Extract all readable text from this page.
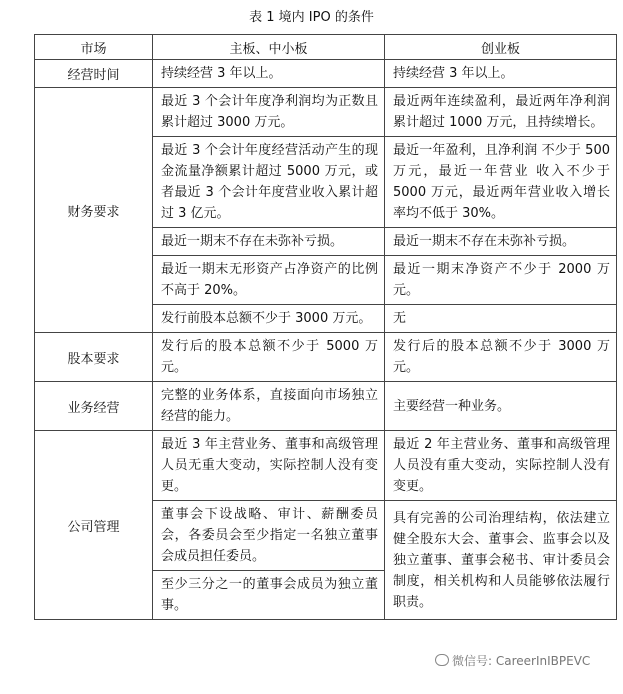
表 1 境内 IPO 的条件
市场	主板、中小板	创业板
经营时间	持续经营 3 年以上。	持续经营 3 年以上。
财务要求	最近 3 个会计年度净利润均为正数且累计超过 3000 万元。	最近两年连续盈利，最近两年净利润累计超过 1000 万元，且持续增长。
	最近 3 个会计年度经营活动产生的现金流量净额累计超过 5000 万元，或者最近 3 个会计年度营业收入累计超过 3 亿元。	最近一年盈利，且净利润 不少于 500 万元，最近一年营业 收入不少于 5000 万元，最近两年营业收入增长率均不低于 30%。
	最近一期末不存在未弥补亏损。	最近一期末不存在未弥补亏损。
	最近一期末无形资产占净资产的比例不高于 20%。	最近一期末净资产不少于 2000 万元。
	发行前股本总额不少于 3000 万元。	无
股本要求	发行后的股本总额不少于 5000 万元。	发行后的股本总额不少于 3000 万元。
业务经营	完整的业务体系，直接面向市场独立经营的能力。	主要经营一种业务。
公司管理	最近 3 年主营业务、董事和高级管理人员无重大变动，实际控制人没有变更。	最近 2 年主营业务、董事和高级管理人员没有重大变动，实际控制人没有变更。
	董事会下设战略、审计、薪酬委员会，各委员会至少指定一名独立董事会成员担任委员。	具有完善的公司治理结构，依法建立健全股东大会、董事会、监事会以及独立董事、董事会秘书、审计委员会制度，相关机构和人员能够依法履行职责。
	至少三分之一的董事会成员为独立董事。	
微信号: CareerInIBPEVC
